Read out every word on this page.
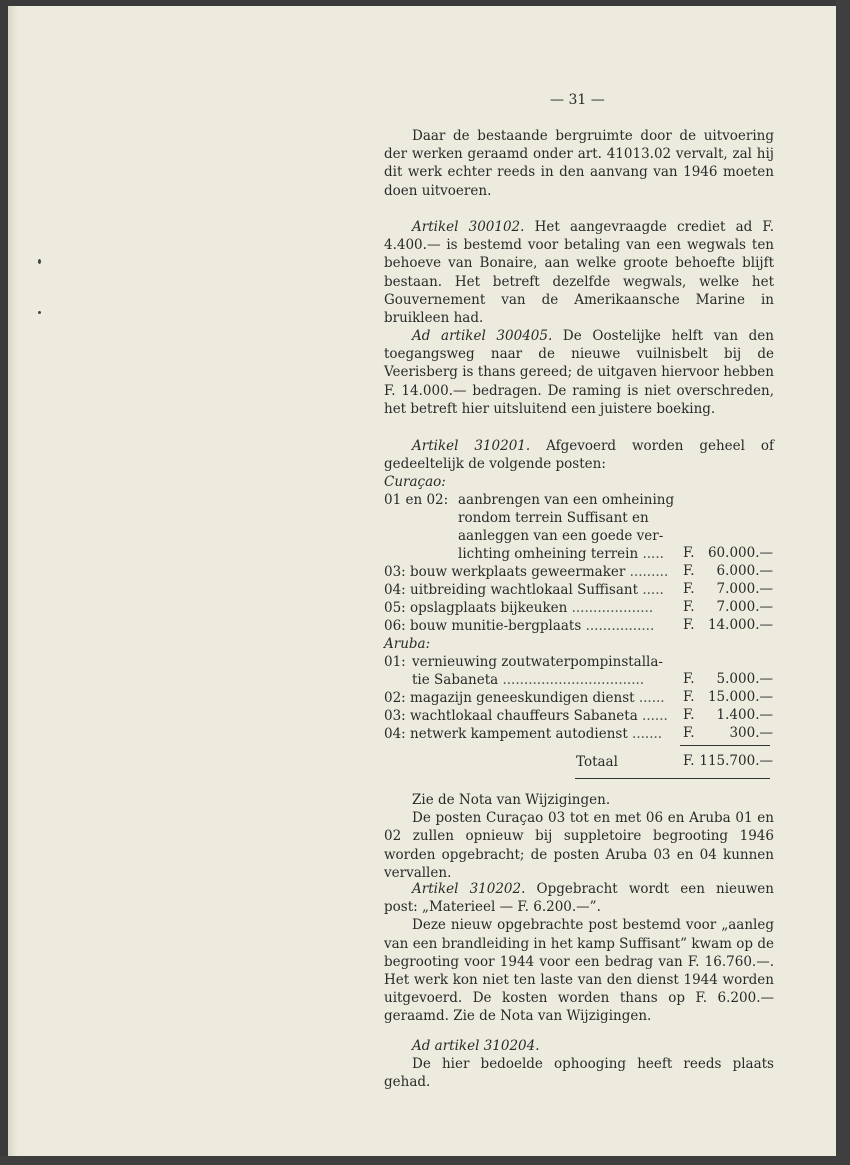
— 31 —

Daar de bestaande bergruimte door de uitvoering der werken geraamd onder art. 41013.02 vervalt, zal hij dit werk echter reeds in den aanvang van 1946 moeten doen uitvoeren.

Artikel 300102. Het aangevraagde crediet ad F. 4.400.— is bestemd voor betaling van een wegwals ten behoeve van Bonaire, aan welke groote behoefte blijft bestaan. Het betreft dezelfde wegwals, welke het Gouvernement van de Amerikaansche Marine in bruikleen had.

Ad artikel 300405. De Oostelijke helft van den toegangsweg naar de nieuwe vuilnisbelt bij de Veerisberg is thans gereed; de uitgaven hiervoor hebben F. 14.000.— bedragen. De raming is niet overschreden, het betreft hier uitsluitend een juistere boeking.

Artikel 310201. Afgevoerd worden geheel of gedeeltelijk de volgende posten:

Curaçao:
01 en 02: aanbrengen van een omheining
rondom terrein Suffisant en
aanleggen van een goede ver-
lichting omheining terrein ..... F. 60.000.—
03: bouw werkplaats geweermaker ......... F. 6.000.—
04: uitbreiding wachtlokaal Suffisant ..... F. 7.000.—
05: opslagplaats bijkeuken ................... F. 7.000.—
06: bouw munitie-bergplaats ................ F. 14.000.—
Aruba:
01: vernieuwing zoutwaterpompinstalla-
tie Sabaneta .................................	F. 5.000.—
02: magazijn geneeskundigen dienst ...... F. 15.000.—
03: wachtlokaal chauffeurs Sabaneta ...... F. 1.400.—
04: netwerk kampement autodienst ....... F.	300.—
Totaal	F. 115.700.—

Zie de Nota van Wijzigingen.

De posten Curaçao 03 tot en met 06 en Aruba 01 en 02 zullen opnieuw bij suppletoire begrooting 1946 worden opgebracht; de posten Aruba 03 en 04 kunnen vervallen.

Artikel 310202. Opgebracht wordt een nieuwen post: „Materieel — F. 6.200.—”.

Deze nieuw opgebrachte post bestemd voor „aanleg van een brandleiding in het kamp Suffisant” kwam op de begrooting voor 1944 voor een bedrag van F. 16.760.—. Het werk kon niet ten laste van den dienst 1944 worden uitgevoerd. De kosten worden thans op F. 6.200.— geraamd. Zie de Nota van Wijzigingen.

Ad artikel 310204.

De hier bedoelde ophooging heeft reeds plaats gehad.
